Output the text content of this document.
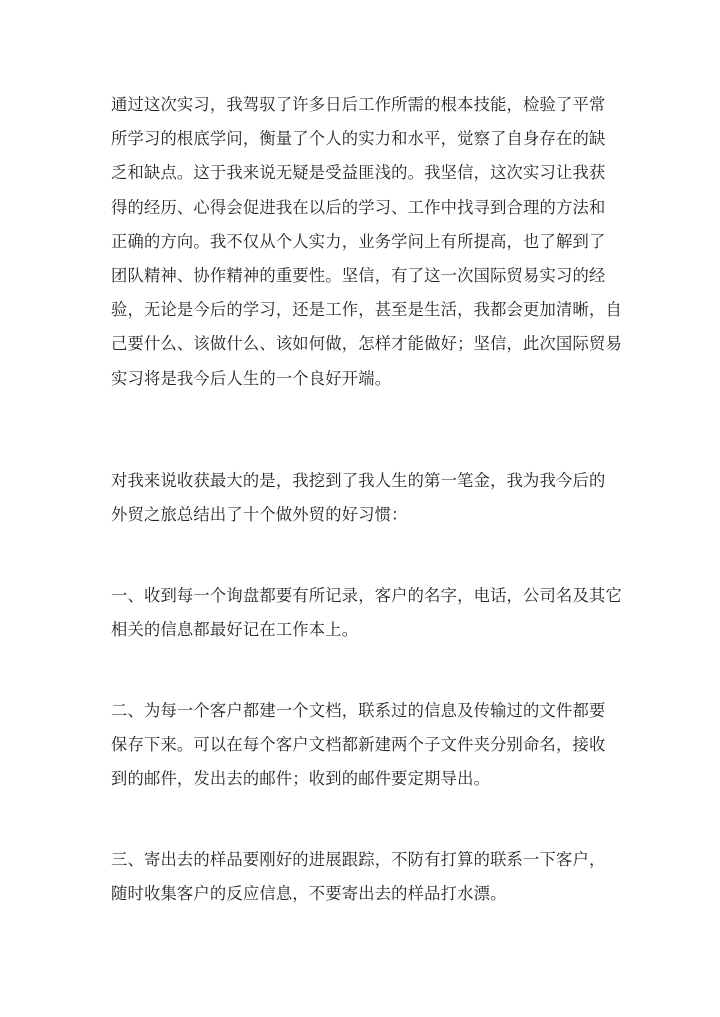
通过这次实习，我驾驭了许多日后工作所需的根本技能，检验了平常
所学习的根底学问，衡量了个人的实力和水平，觉察了自身存在的缺
乏和缺点。这于我来说无疑是受益匪浅的。我坚信，这次实习让我获
得的经历、心得会促进我在以后的学习、工作中找寻到合理的方法和
正确的方向。我不仅从个人实力，业务学问上有所提高，也了解到了
团队精神、协作精神的重要性。坚信，有了这一次国际贸易实习的经
验，无论是今后的学习，还是工作，甚至是生活，我都会更加清晰，自
己要什么、该做什么、该如何做，怎样才能做好；坚信，此次国际贸易
实习将是我今后人生的一个良好开端。

对我来说收获最大的是，我挖到了我人生的第一笔金，我为我今后的
外贸之旅总结出了十个做外贸的好习惯：

一、收到每一个询盘都要有所记录，客户的名字，电话，公司名及其它
相关的信息都最好记在工作本上。

二、为每一个客户都建一个文档，联系过的信息及传输过的文件都要
保存下来。可以在每个客户文档都新建两个子文件夹分别命名，接收
到的邮件，发出去的邮件；收到的邮件要定期导出。

三、寄出去的样品要刚好的进展跟踪，不防有打算的联系一下客户，
随时收集客户的反应信息，不要寄出去的样品打水漂。
